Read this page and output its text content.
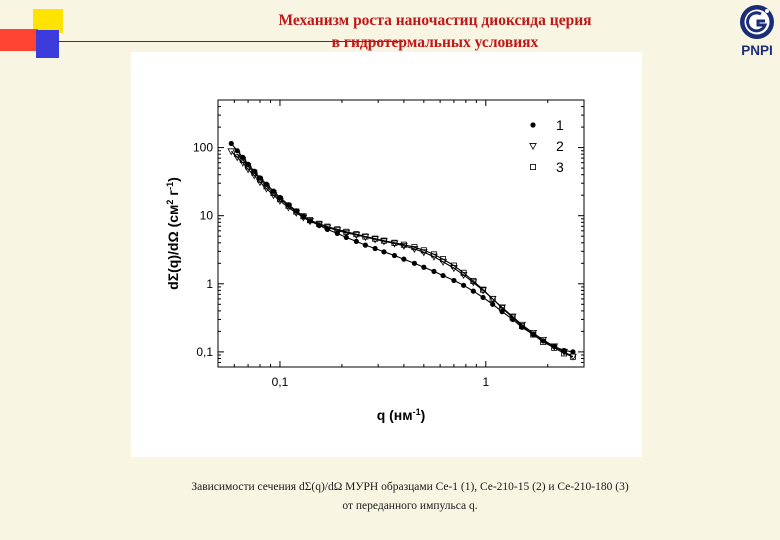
Механизм роста наночастиц диоксида церия
в гидротермальных условиях	PNPI
0,1	1
0,1
1
10
100
1
2
3
q $(нм^{-1})$
dΣ(q)/dΩ ($см^2$ $г^{-1}$)
Зависимости сечения dΣ(q)/dΩ МУРН образцами Ce-1 (1), Ce-210-15 (2) и Ce-210-180 (3)
от переданного импульса q.
